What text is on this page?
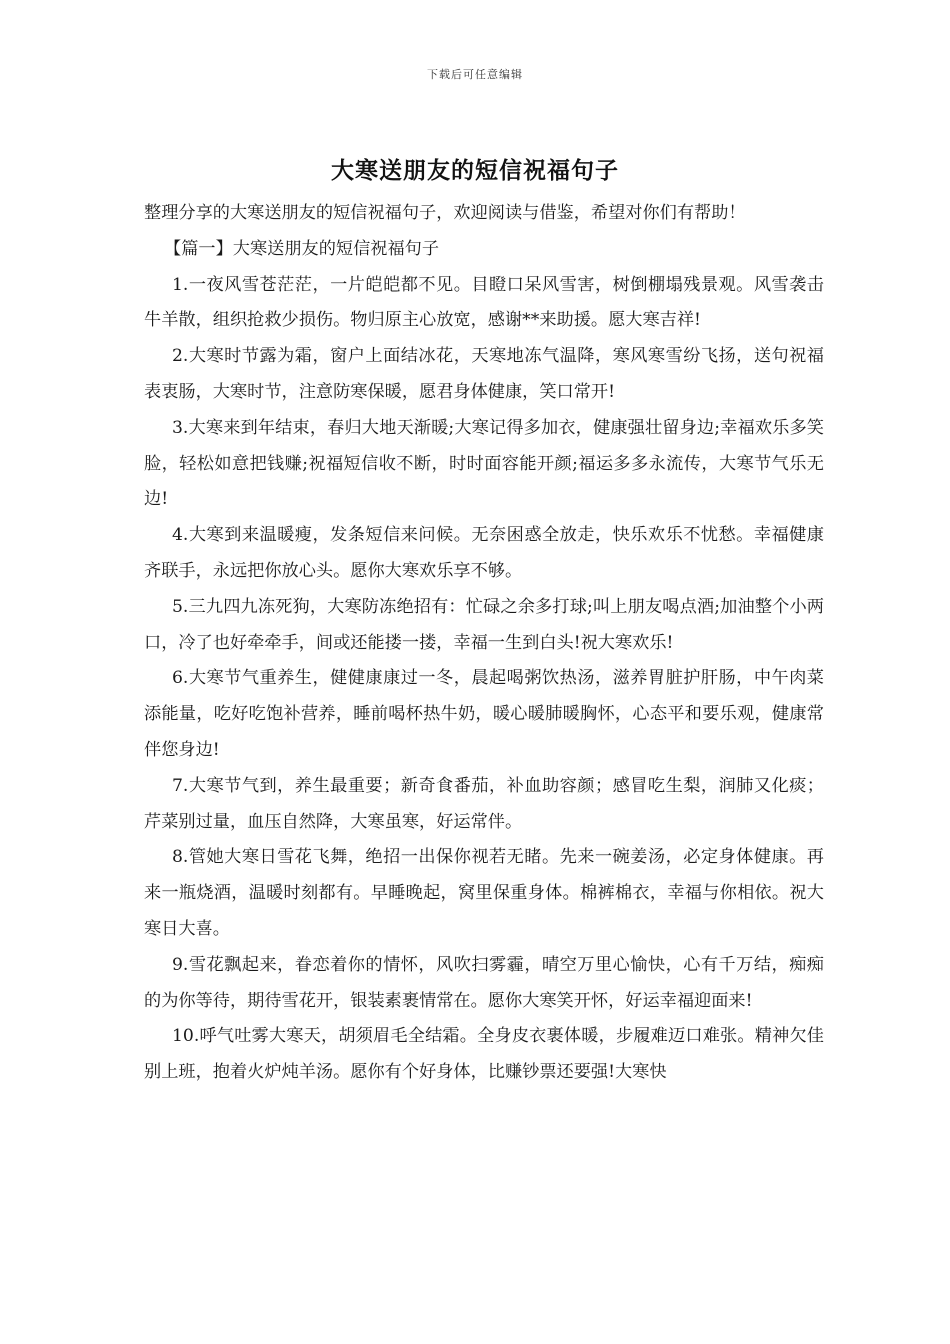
下载后可任意编辑
大寒送朋友的短信祝福句子

整理分享的大寒送朋友的短信祝福句子，欢迎阅读与借鉴，希望对你们有帮助！

【篇一】大寒送朋友的短信祝福句子

1.一夜风雪苍茫茫，一片皑皑都不见。目瞪口呆风雪害，树倒棚塌残景观。风雪袭击牛羊散，组织抢救少损伤。物归原主心放宽，感谢**来助援。愿大寒吉祥!

2.大寒时节露为霜，窗户上面结冰花，天寒地冻气温降，寒风寒雪纷飞扬，送句祝福表衷肠，大寒时节，注意防寒保暖，愿君身体健康，笑口常开!

3.大寒来到年结束，春归大地天渐暖;大寒记得多加衣，健康强壮留身边;幸福欢乐多笑脸，轻松如意把钱赚;祝福短信收不断，时时面容能开颜;福运多多永流传，大寒节气乐无边!

4.大寒到来温暖瘦，发条短信来问候。无奈困惑全放走，快乐欢乐不忧愁。幸福健康齐联手，永远把你放心头。愿你大寒欢乐享不够。

5.三九四九冻死狗，大寒防冻绝招有：忙碌之余多打球;叫上朋友喝点酒;加油整个小两口，冷了也好牵牵手，间或还能搂一搂，幸福一生到白头!祝大寒欢乐!

6.大寒节气重养生，健健康康过一冬，晨起喝粥饮热汤，滋养胃脏护肝肠，中午肉菜添能量，吃好吃饱补营养，睡前喝杯热牛奶，暖心暖肺暖胸怀，心态平和要乐观，健康常伴您身边!

7.大寒节气到，养生最重要；新奇食番茄，补血助容颜；感冒吃生梨，润肺又化痰；芹菜别过量，血压自然降，大寒虽寒，好运常伴。

8.管她大寒日雪花飞舞，绝招一出保你视若无睹。先来一碗姜汤，必定身体健康。再来一瓶烧酒，温暖时刻都有。早睡晚起，窝里保重身体。棉裤棉衣，幸福与你相依。祝大寒日大喜。

9.雪花飘起来，眷恋着你的情怀，风吹扫雾霾，晴空万里心愉快，心有千万结，痴痴的为你等待，期待雪花开，银装素裹情常在。愿你大寒笑开怀，好运幸福迎面来!

10.呼气吐雾大寒天，胡须眉毛全结霜。全身皮衣裹体暖，步履难迈口难张。精神欠佳别上班，抱着火炉炖羊汤。愿你有个好身体，比赚钞票还要强!大寒快
